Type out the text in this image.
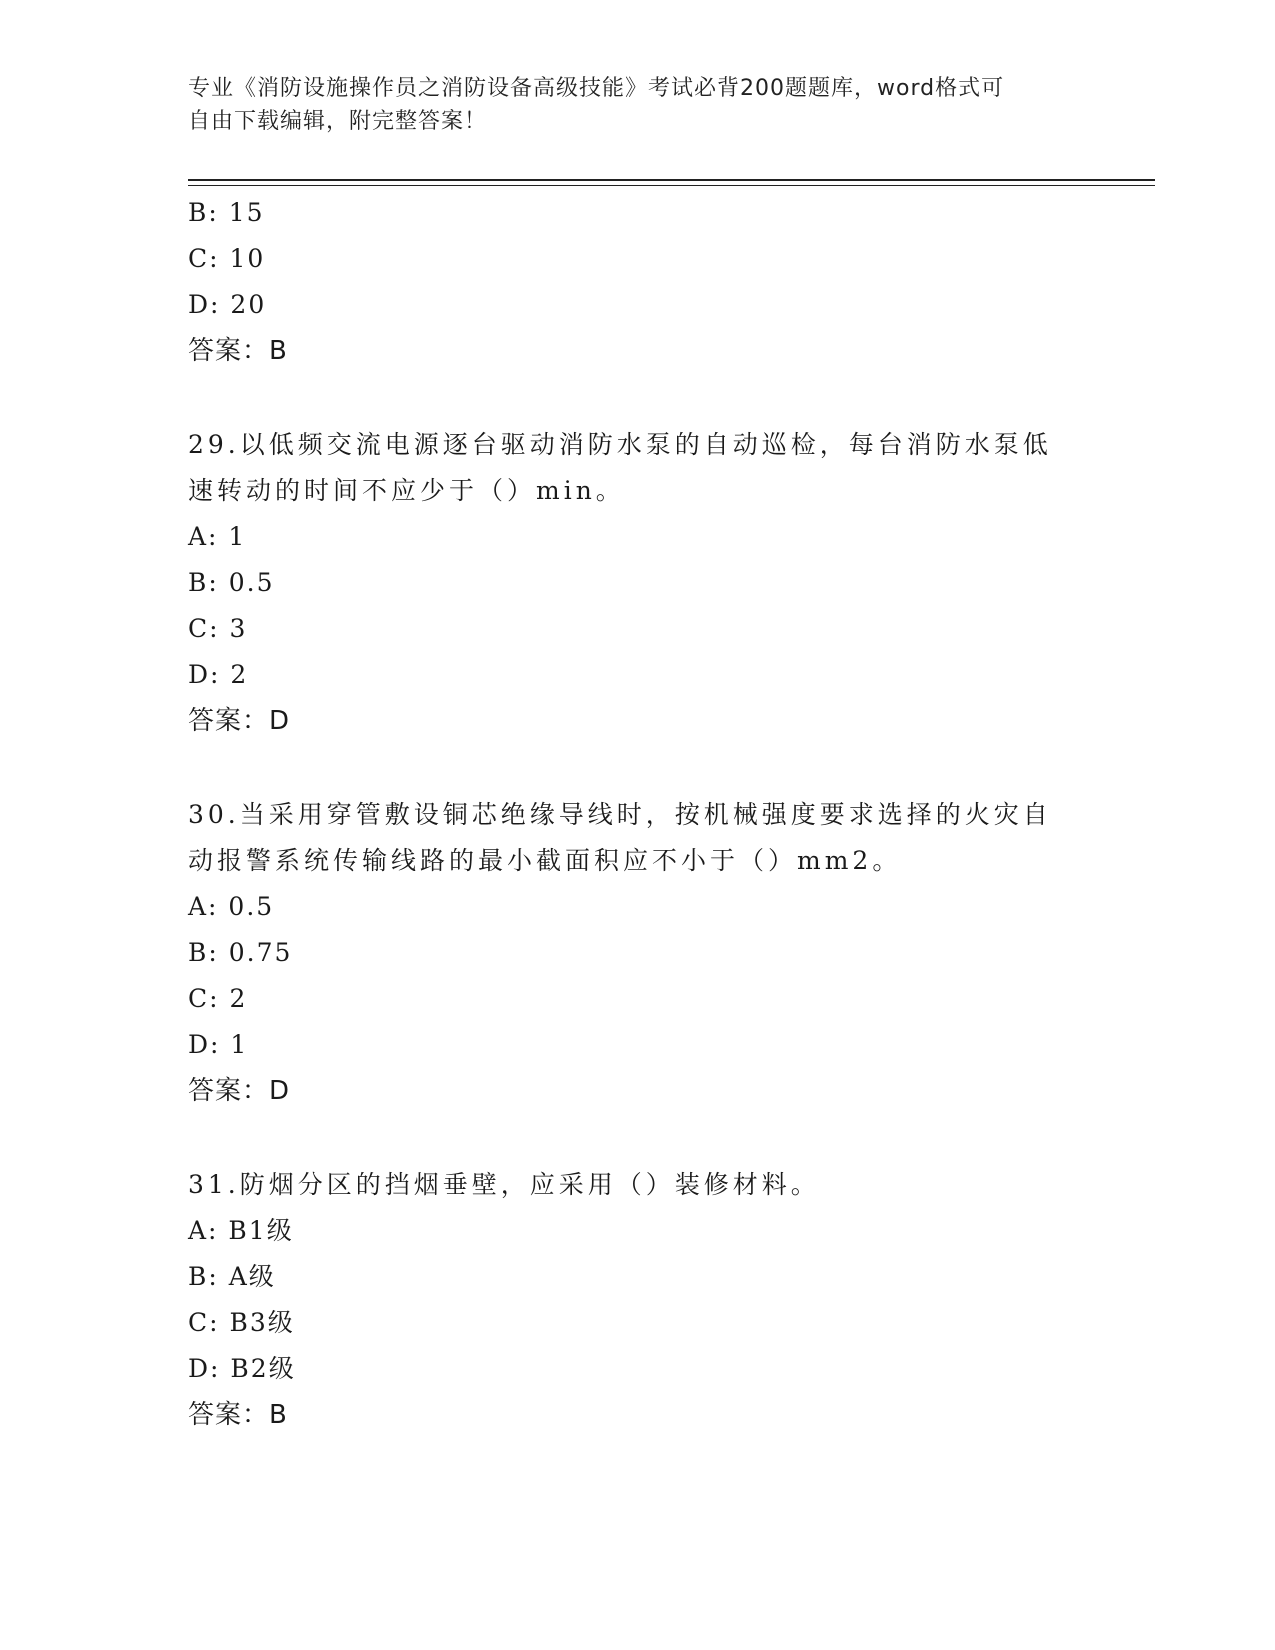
专业《消防设施操作员之消防设备高级技能》考试必背200题题库，word格式可
自由下载编辑，附完整答案！
B: 15
C: 10
D: 20
答案：B
29.以低频交流电源逐台驱动消防水泵的自动巡检，每台消防水泵低速转动的时间不应少于（）min。
A: 1
B: 0.5
C: 3
D: 2
答案：D
30.当采用穿管敷设铜芯绝缘导线时，按机械强度要求选择的火灾自动报警系统传输线路的最小截面积应不小于（）mm2。
A: 0.5
B: 0.75
C: 2
D: 1
答案：D
31.防烟分区的挡烟垂壁，应采用（）装修材料。
A: B1级
B: A级
C: B3级
D: B2级
答案：B
